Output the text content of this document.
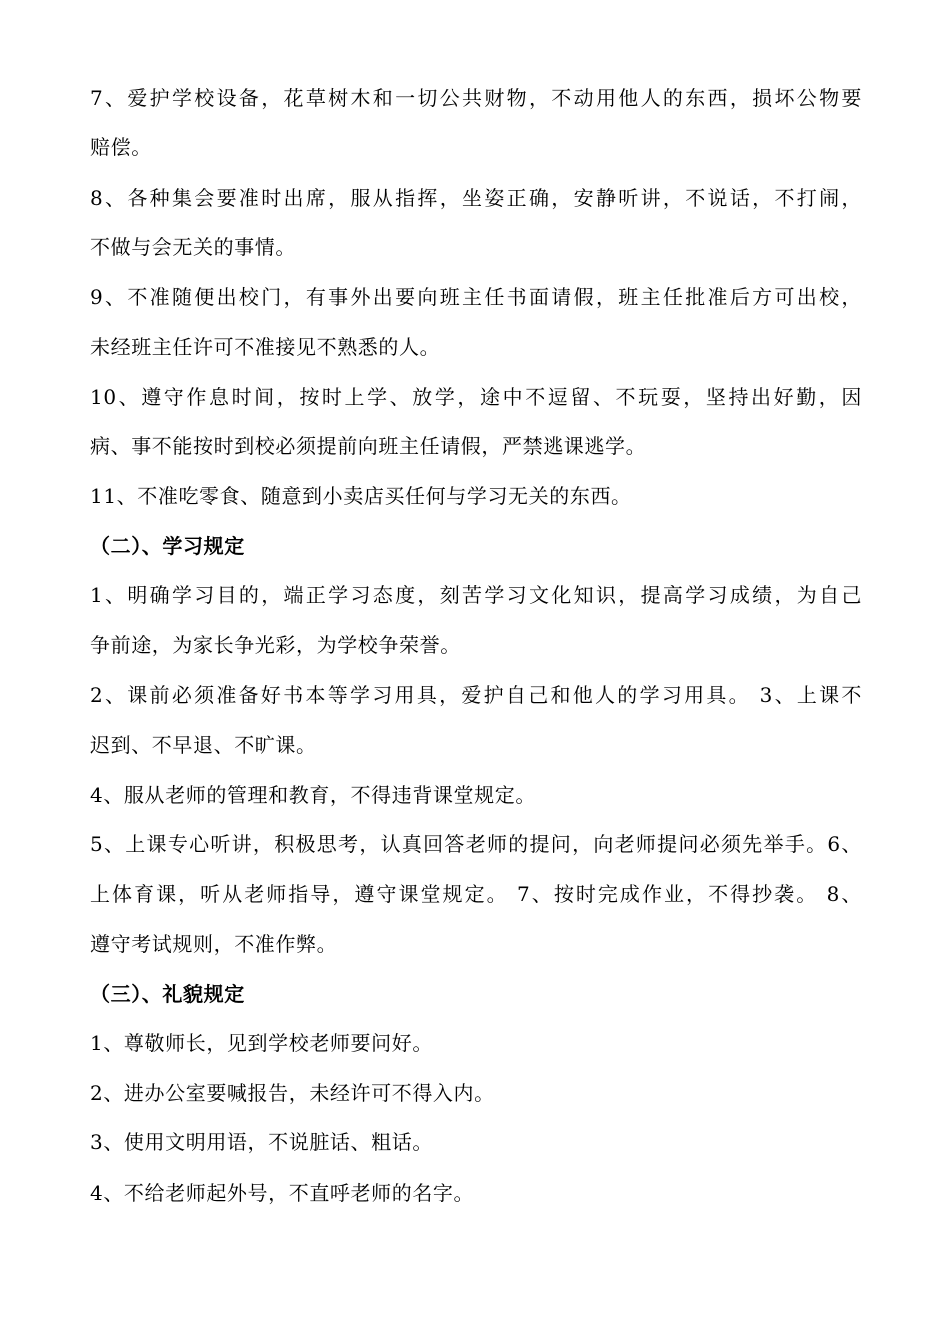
7、爱护学校设备，花草树木和一切公共财物，不动用他人的东西，损坏公物要
赔偿。
8、各种集会要准时出席，服从指挥，坐姿正确，安静听讲，不说话，不打闹，
不做与会无关的事情。
9、不准随便出校门，有事外出要向班主任书面请假，班主任批准后方可出校，
未经班主任许可不准接见不熟悉的人。
10、遵守作息时间，按时上学、放学，途中不逗留、不玩耍，坚持出好勤，因
病、事不能按时到校必须提前向班主任请假，严禁逃课逃学。
11、不准吃零食、随意到小卖店买任何与学习无关的东西。
（二）、学习规定
1、明确学习目的，端正学习态度，刻苦学习文化知识，提高学习成绩，为自己
争前途，为家长争光彩，为学校争荣誉。
2、课前必须准备好书本等学习用具，爱护自己和他人的学习用具。 3、上课不
迟到、不早退、不旷课。
4、服从老师的管理和教育，不得违背课堂规定。
5、上课专心听讲，积极思考，认真回答老师的提问，向老师提问必须先举手。6、
上体育课，听从老师指导，遵守课堂规定。 7、按时完成作业，不得抄袭。 8、
遵守考试规则，不准作弊。
（三）、礼貌规定
1、尊敬师长，见到学校老师要问好。
2、进办公室要喊报告，未经许可不得入内。
3、使用文明用语，不说脏话、粗话。
4、不给老师起外号，不直呼老师的名字。
